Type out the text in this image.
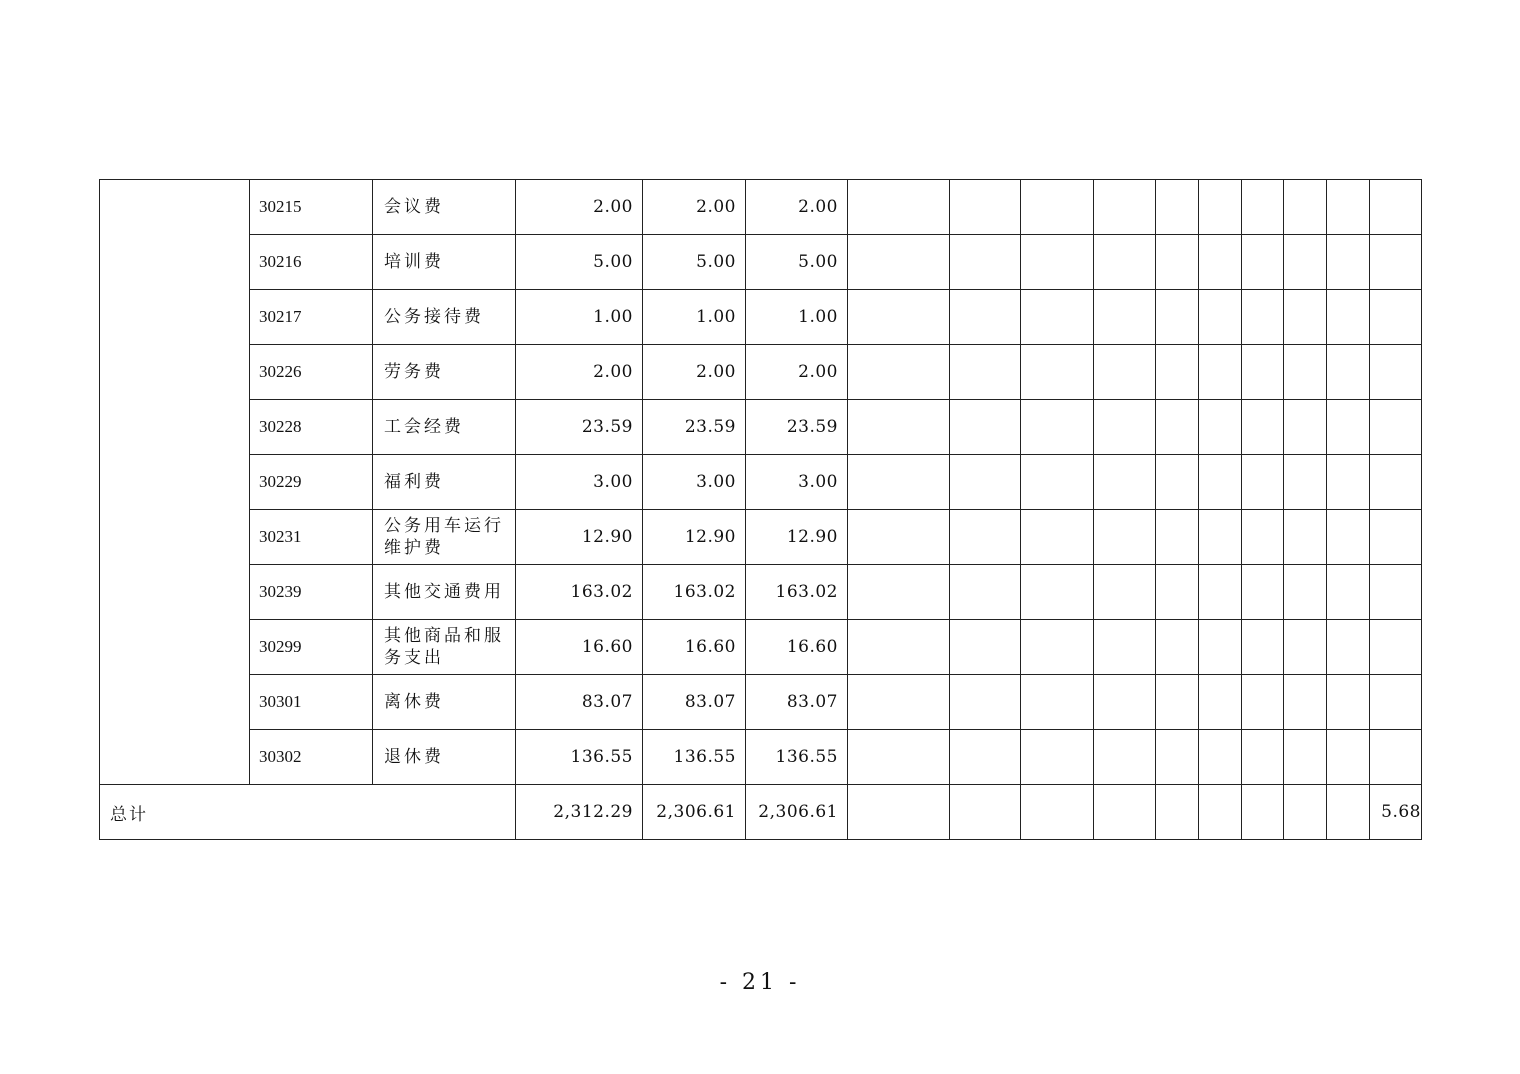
	30215	会议费	2.00	2.00	2.00										
	30216	培训费	5.00	5.00	5.00										
	30217	公务接待费	1.00	1.00	1.00										
	30226	劳务费	2.00	2.00	2.00										
	30228	工会经费	23.59	23.59	23.59										
	30229	福利费	3.00	3.00	3.00										
	30231	公务用车运行维护费	12.90	12.90	12.90										
	30239	其他交通费用	163.02	163.02	163.02										
	30299	其他商品和服务支出	16.60	16.60	16.60										
	30301	离休费	83.07	83.07	83.07										
	30302	退休费	136.55	136.55	136.55										
总计			2,312.29	2,306.61	2,306.61										5.68
- 21 -
